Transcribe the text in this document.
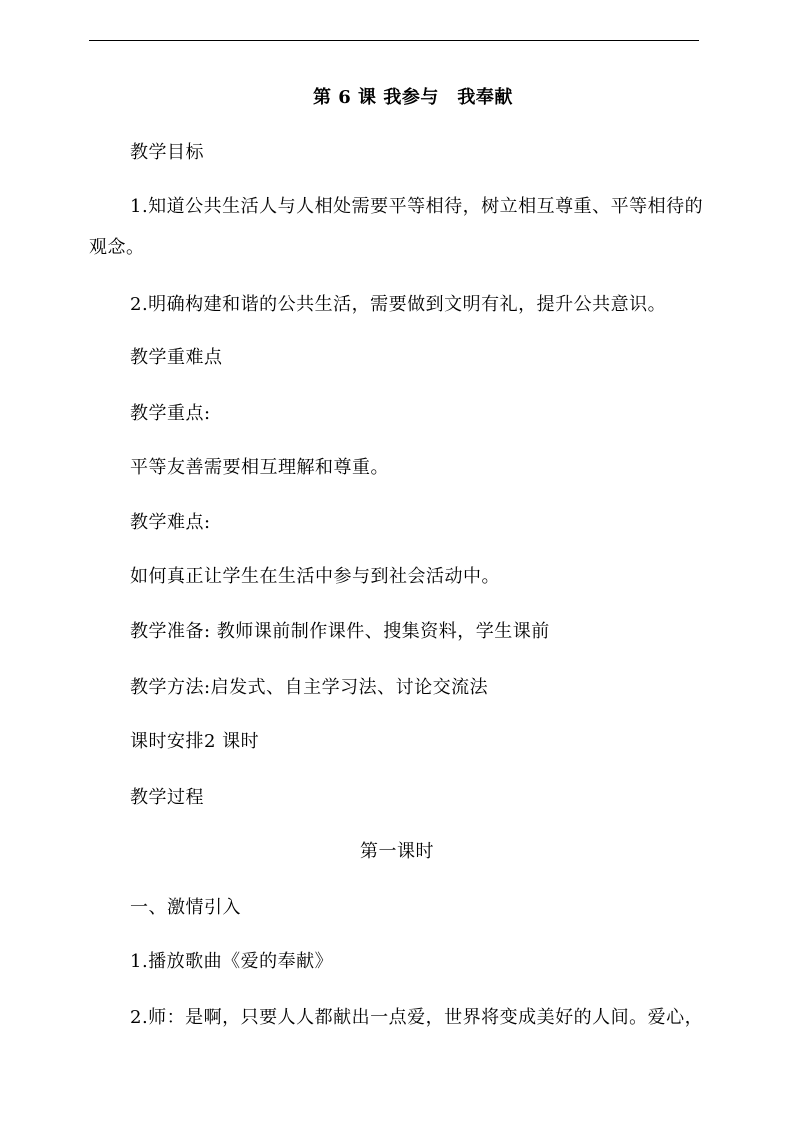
第 6 课 我参与　我奉献
教学目标
1.知道公共生活人与人相处需要平等相待，树立相互尊重、平等相待的
观念。
2.明确构建和谐的公共生活，需要做到文明有礼，提升公共意识。
教学重难点
教学重点:
平等友善需要相互理解和尊重。
教学难点:
如何真正让学生在生活中参与到社会活动中。
教学准备: 教师课前制作课件、搜集资料，学生课前
教学方法:启发式、自主学习法、讨论交流法
课时安排2 课时
教学过程
第一课时
一、激情引入
1.播放歌曲《爱的奉献》
2.师：是啊，只要人人都献出一点爱，世界将变成美好的人间。爱心，
